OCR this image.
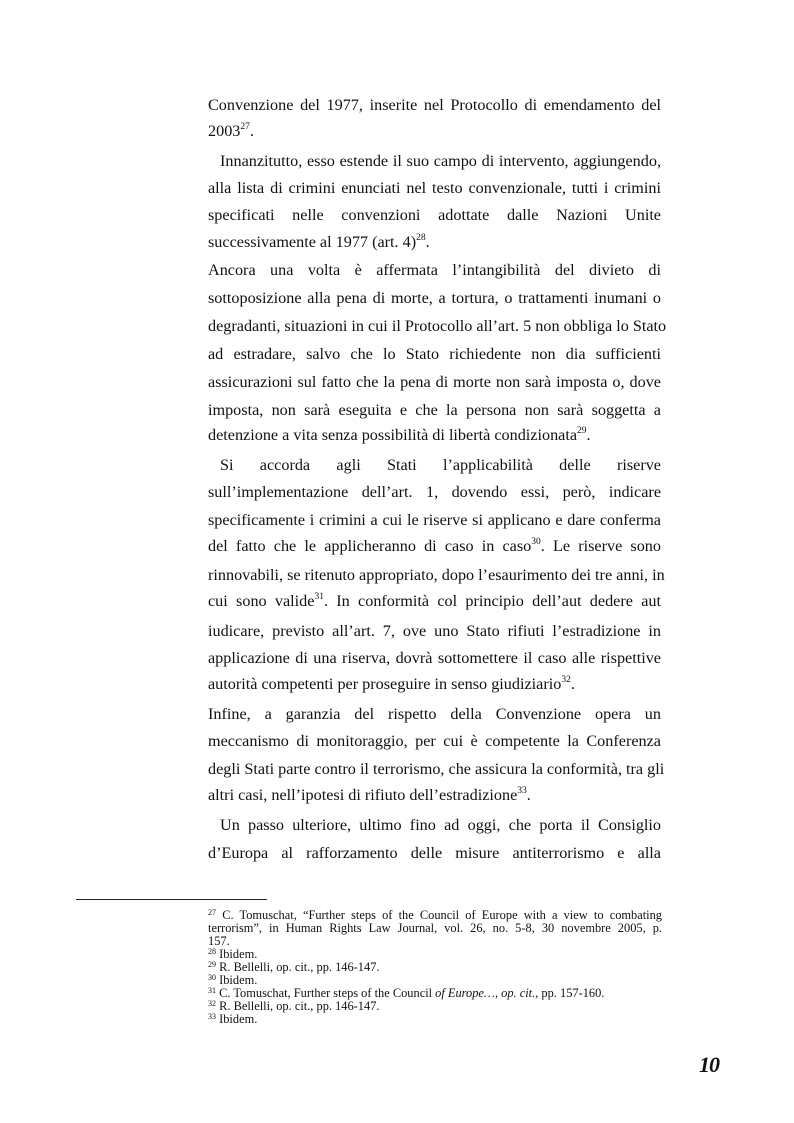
Convenzione del 1977, inserite nel Protocollo di emendamento del
2003$^{27}$.
Innanzitutto, esso estende il suo campo di intervento, aggiungendo,
alla lista di crimini enunciati nel testo convenzionale, tutti i crimini
specificati nelle convenzioni adottate dalle Nazioni Unite
successivamente al 1977 (art. 4)$^{28}$.
Ancora una volta è affermata l’intangibilità del divieto di
sottoposizione alla pena di morte, a tortura, o trattamenti inumani o
degradanti, situazioni in cui il Protocollo all’art. 5 non obbliga lo Stato
ad estradare, salvo che lo Stato richiedente non dia sufficienti
assicurazioni sul fatto che la pena di morte non sarà imposta o, dove
imposta, non sarà eseguita e che la persona non sarà soggetta a
detenzione a vita senza possibilità di libertà condizionata$^{29}$.
Si accorda agli Stati l’applicabilità delle riserve
sull’implementazione dell’art. 1, dovendo essi, però, indicare
specificamente i crimini a cui le riserve si applicano e dare conferma
del fatto che le applicheranno di caso in caso$^{30}$. Le riserve sono
rinnovabili, se ritenuto appropriato, dopo l’esaurimento dei tre anni, in
cui sono valide$^{31}$. In conformità col principio dell’aut dedere aut
iudicare, previsto all’art. 7, ove uno Stato rifiuti l’estradizione in
applicazione di una riserva, dovrà sottomettere il caso alle rispettive
autorità competenti per proseguire in senso giudiziario$^{32}$.
Infine, a garanzia del rispetto della Convenzione opera un
meccanismo di monitoraggio, per cui è competente la Conferenza
degli Stati parte contro il terrorismo, che assicura la conformità, tra gli
altri casi, nell’ipotesi di rifiuto dell’estradizione$^{33}$.
Un passo ulteriore, ultimo fino ad oggi, che porta il Consiglio
d’Europa al rafforzamento delle misure antiterrorismo e alla
$^{27}$ C. Tomuschat, “Further steps of the Council of Europe with a view to combating
terrorism”, in Human Rights Law Journal, vol. 26, no. 5-8, 30 novembre 2005, p.
157.
$^{28}$ Ibidem.
$^{29}$ R. Bellelli, op. cit., pp. 146-147.
$^{30}$ Ibidem.
$^{31}$ C. Tomuschat, Further steps of the Council of Europe…, op. cit., pp. 157-160.
$^{32}$ R. Bellelli, op. cit., pp. 146-147.
$^{33}$ Ibidem.
10
